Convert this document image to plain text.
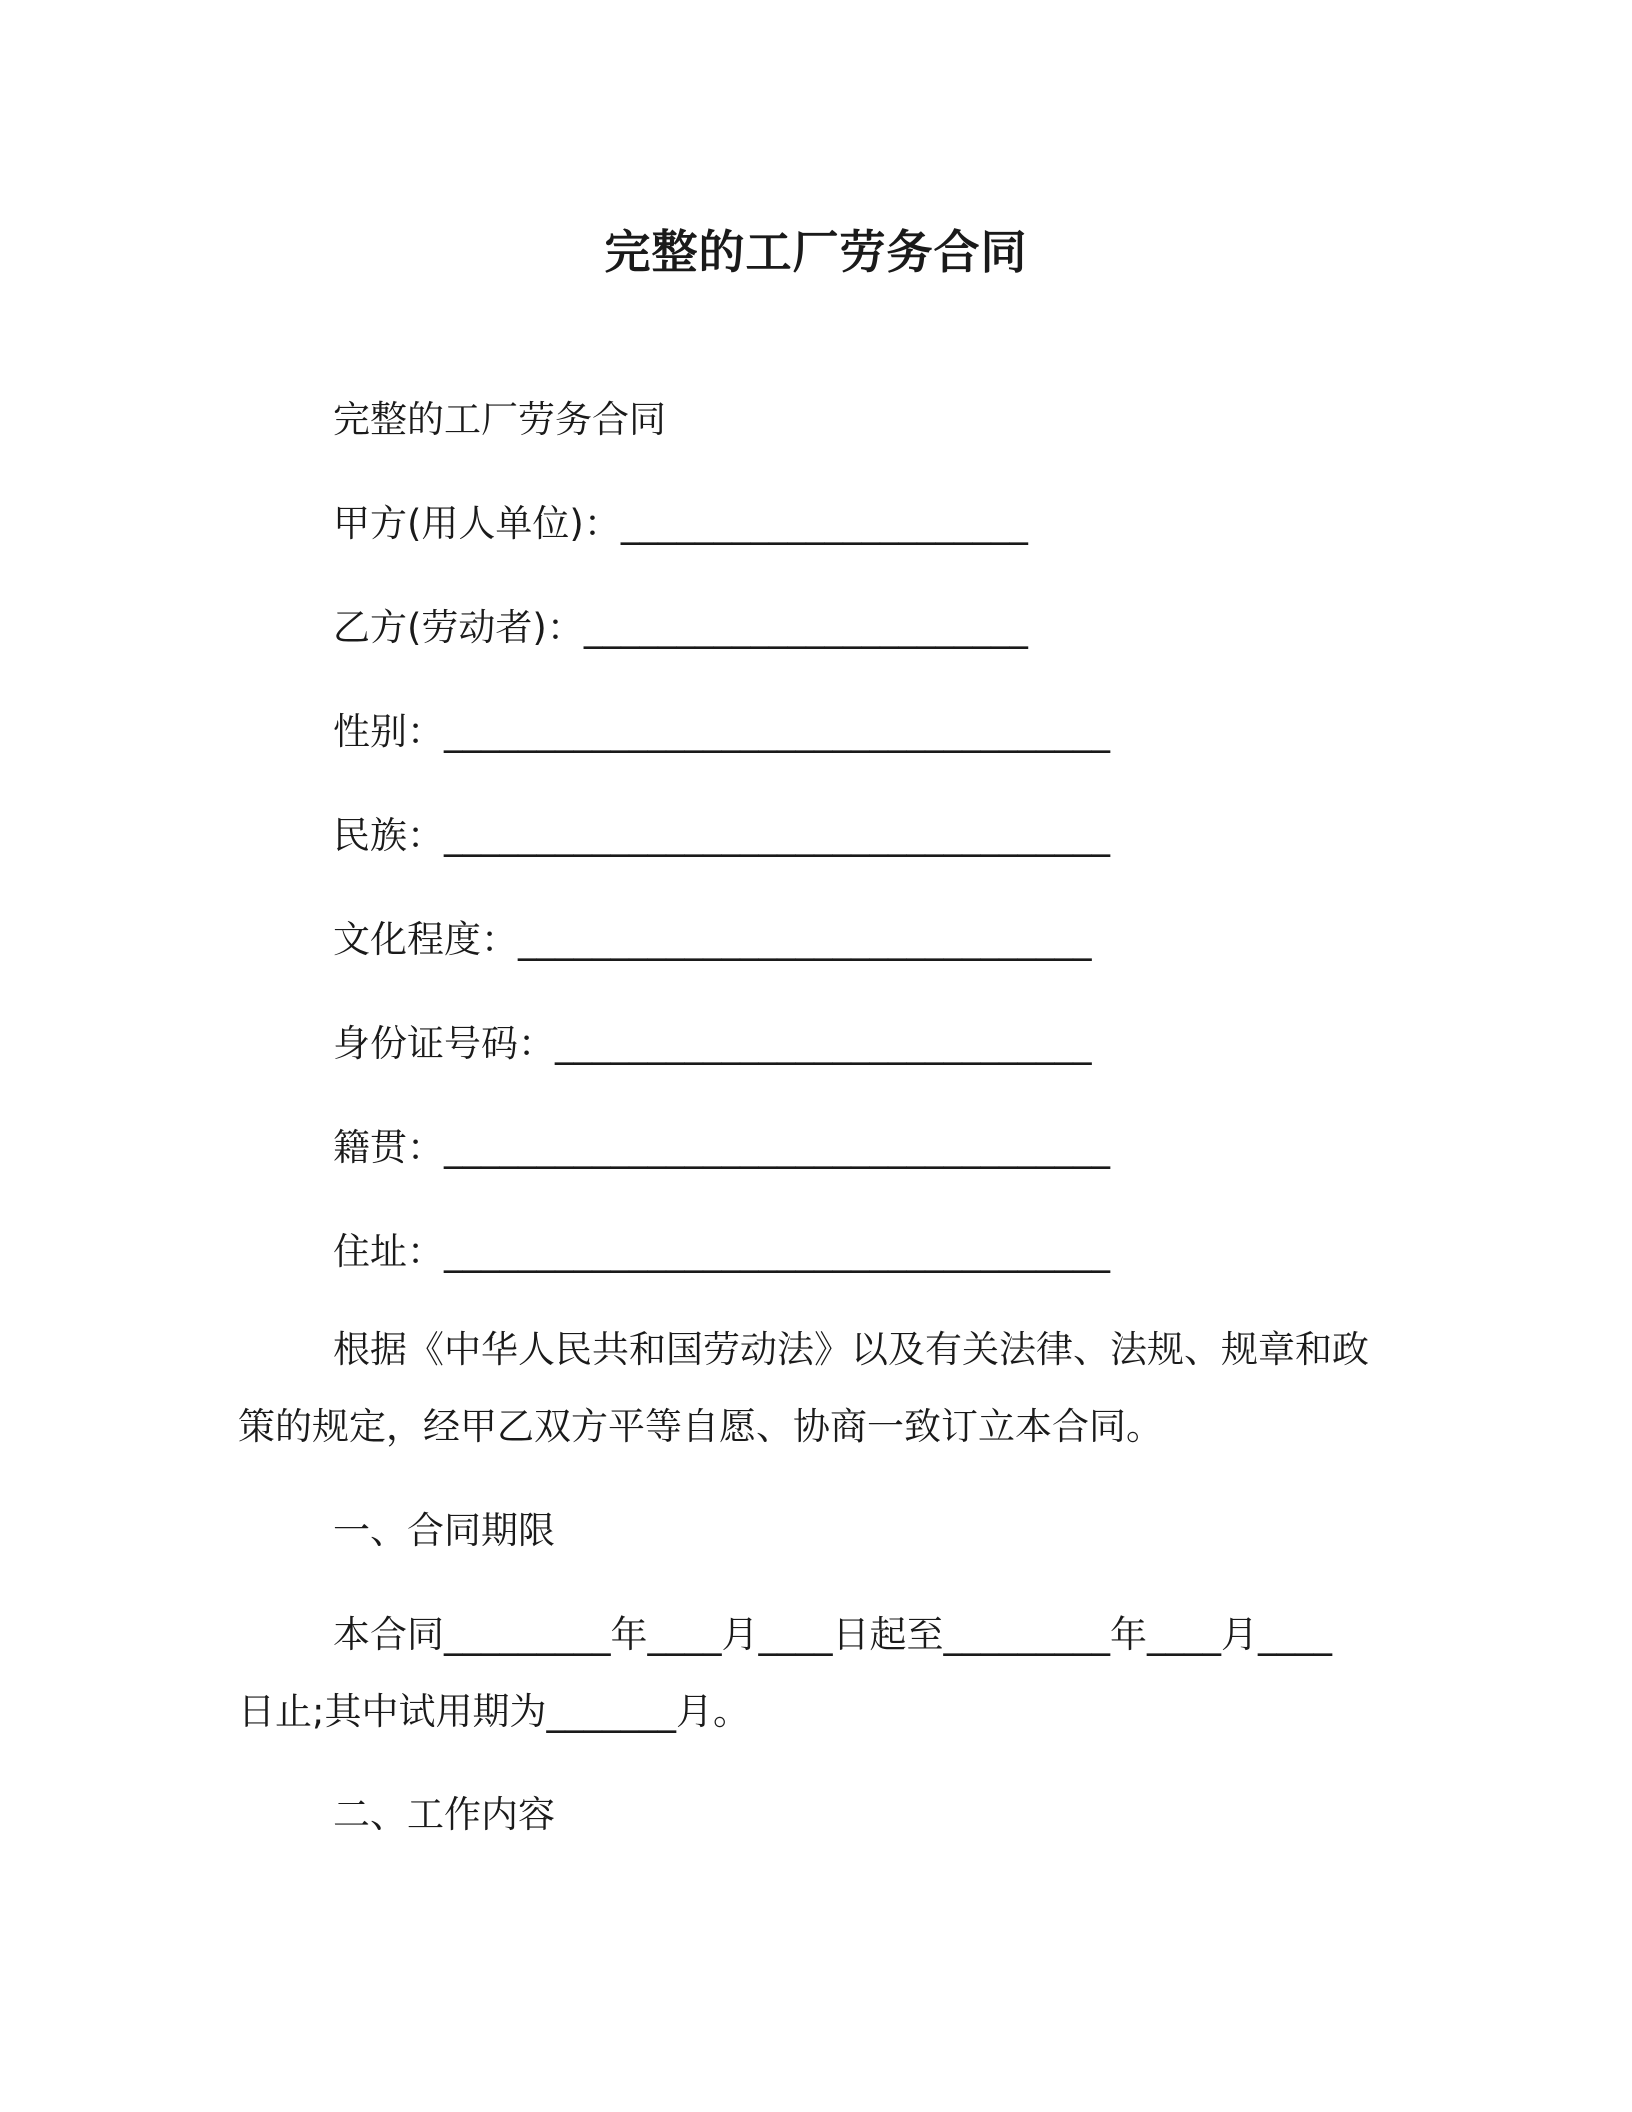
完整的工厂劳务合同
完整的工厂劳务合同
甲方(用人单位)：______________________
乙方(劳动者)：________________________
性别：____________________________________
民族：____________________________________
文化程度：_______________________________
身份证号码：_____________________________
籍贯：____________________________________
住址：____________________________________
根据《中华人民共和国劳动法》以及有关法律、法规、规章和政
策的规定，经甲乙双方平等自愿、协商一致订立本合同。
一、合同期限
本合同_________年____月____日起至_________年____月____
日止;其中试用期为_______月。
二、工作内容
